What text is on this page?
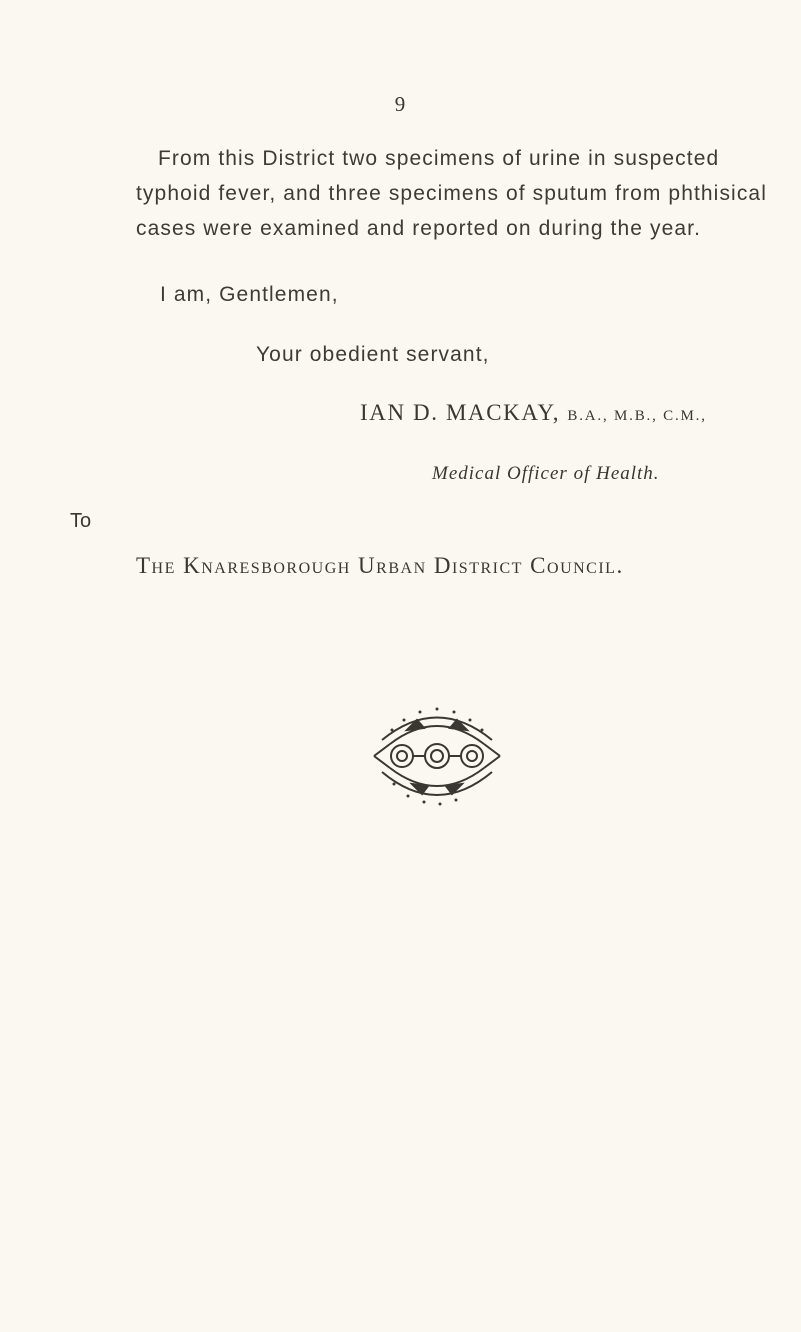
9
From this District two specimens of urine in suspected
typhoid fever, and three specimens of sputum from phthisical
cases were examined and reported on during the year.
I am, Gentlemen,
Your obedient servant,
IAN D. MACKAY, B.A., M.B., C.M.,
Medical Officer of Health.
To
The Knaresborough Urban District Council.
